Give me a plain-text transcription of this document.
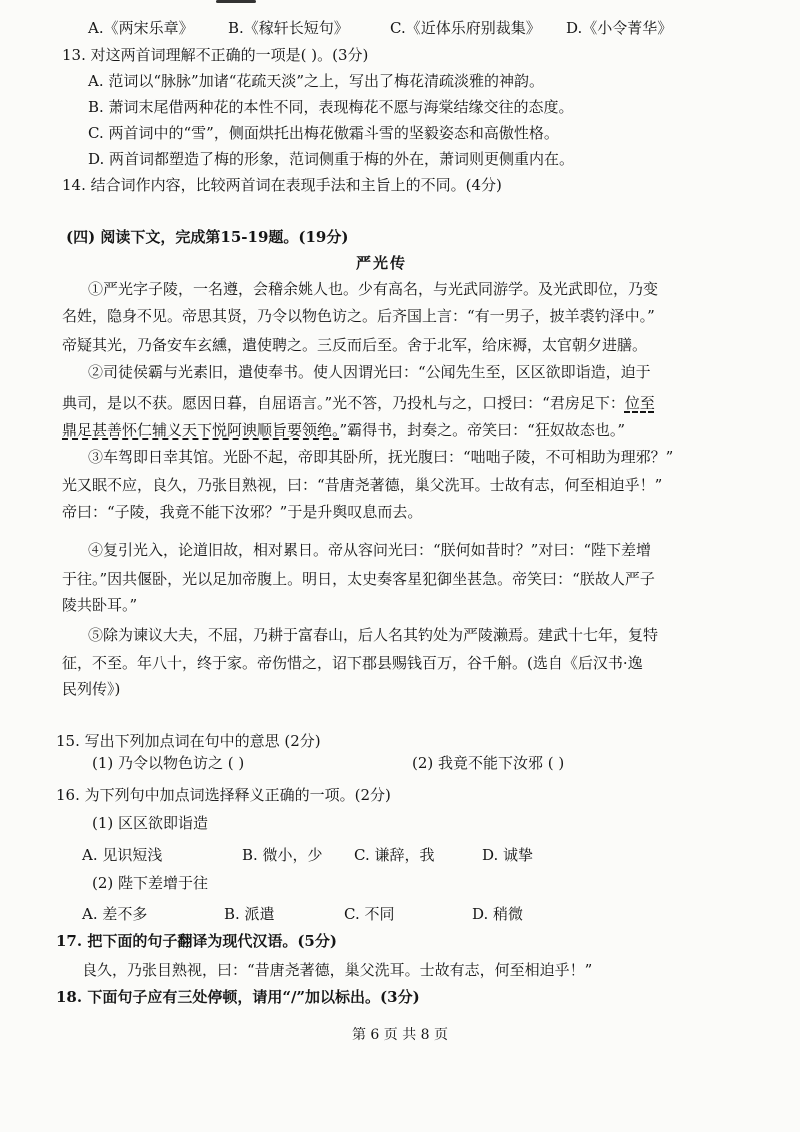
A.《两宋乐章》 B.《稼轩长短句》	C.《近体乐府别裁集》 D.《小令菁华》
13. 对这两首词理解不正确的一项是( )。(3分)
A. 范词以“脉脉”加诸“花疏天淡”之上，写出了梅花清疏淡雅的神韵。
B. 萧词末尾借两种花的本性不同，表现梅花不愿与海棠结缘交往的态度。
C. 两首词中的“雪”，侧面烘托出梅花傲霜斗雪的坚毅姿态和高傲性格。
D. 两首词都塑造了梅的形象，范词侧重于梅的外在，萧词则更侧重内在。
14. 结合词作内容，比较两首词在表现手法和主旨上的不同。(4分)
(四) 阅读下文，完成第15-19题。(19分)
严光传
①严光字子陵，一名遵，会稽余姚人也。少有高名，与光武同游学。及光武即位，乃变
名姓，隐身不见。帝思其贤，乃令以物色访之。后齐国上言：“有一男子，披羊裘钓泽中。”
帝疑其光，乃备安车玄纁，遣使聘之。三反而后至。舍于北军，给床褥，太官朝夕进膳。
②司徒侯霸与光素旧，遣使奉书。使人因谓光曰：“公闻先生至，区区欲即诣造，迫于
典司，是以不获。愿因日暮，自屈语言。”光不答，乃投札与之，口授曰：“君房足下：位至
鼎足甚善怀仁辅义天下悦阿谀顺旨要领绝。”霸得书，封奏之。帝笑曰：“狂奴故态也。”
③车驾即日幸其馆。光卧不起，帝即其卧所，抚光腹曰：“咄咄子陵，不可相助为理邪？”
光又眠不应，良久，乃张目熟视，曰：“昔唐尧著德，巢父洗耳。士故有志，何至相迫乎！”
帝曰：“子陵，我竟不能下汝邪？”于是升舆叹息而去。
④复引光入，论道旧故，相对累日。帝从容问光曰：“朕何如昔时？”对曰：“陛下差增
于往。”因共偃卧，光以足加帝腹上。明日，太史奏客星犯御坐甚急。帝笑曰：“朕故人严子
陵共卧耳。”
⑤除为谏议大夫，不屈，乃耕于富春山，后人名其钓处为严陵濑焉。建武十七年，复特
征，不至。年八十，终于家。帝伤惜之，诏下郡县赐钱百万，谷千斛。(选自《后汉书·逸
民列传》)
15. 写出下列加点词在句中的意思 (2分)
(1) 乃令以物色访之 ( )	(2) 我竟不能下汝邪 ( )
16. 为下列句中加点词选择释义正确的一项。(2分)
(1) 区区欲即诣造
A. 见识短浅	B. 微小，少 C. 谦辞，我	D. 诚挚
(2) 陛下差增于往
A. 差不多	B. 派遣	C. 不同	D. 稍微
17. 把下面的句子翻译为现代汉语。(5分)
良久，乃张目熟视，曰：“昔唐尧著德，巢父洗耳。士故有志，何至相迫乎！”
18. 下面句子应有三处停顿，请用“/”加以标出。(3分)
第 6 页 共 8 页
